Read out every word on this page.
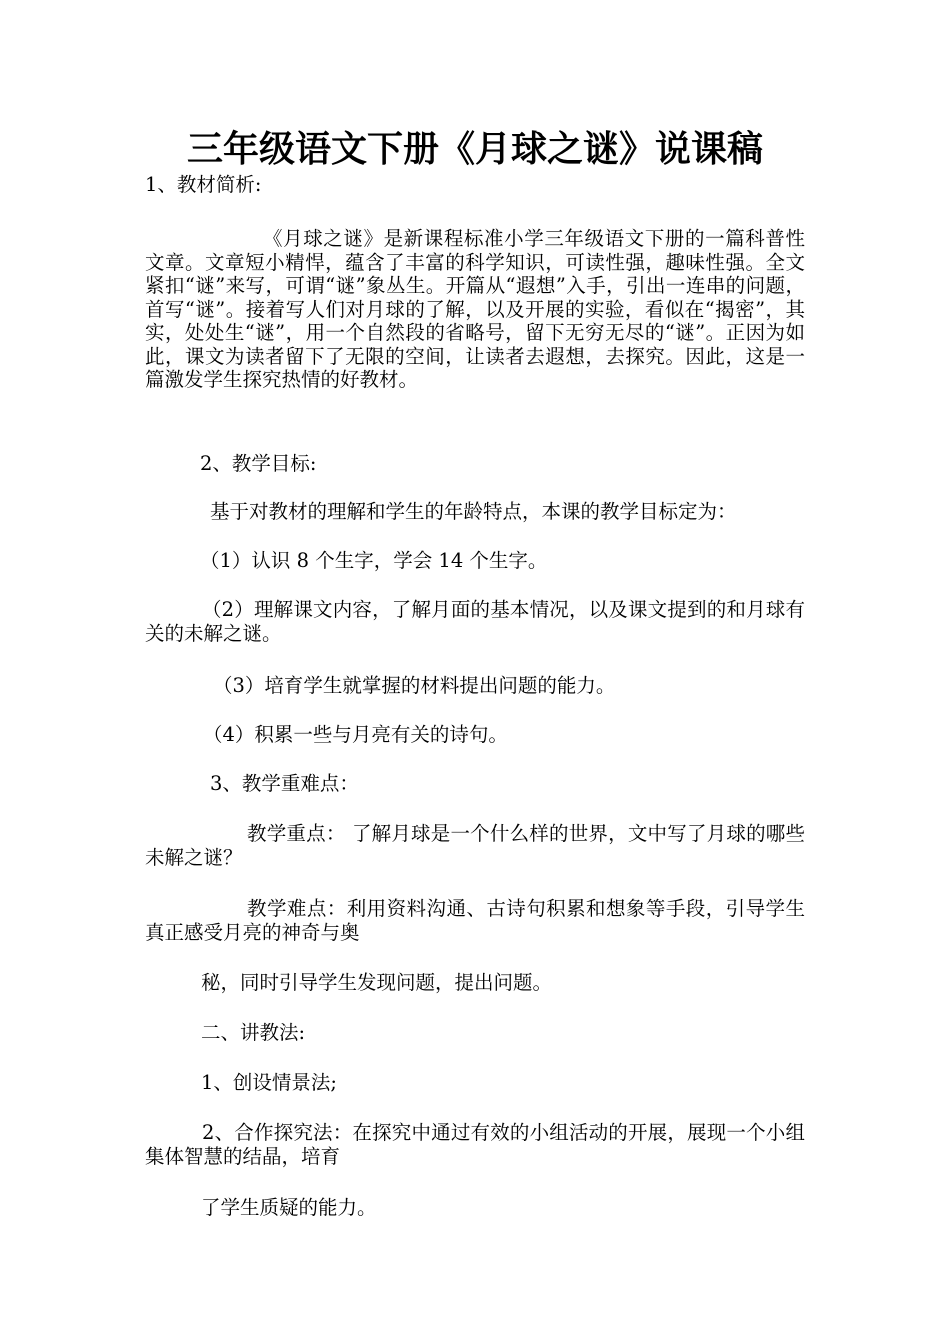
三年级语文下册《月球之谜》说课稿

1、教材简析:

《月球之谜》是新课程标准小学三年级语文下册的一篇科普性文章。文章短小精悍，蕴含了丰富的科学知识，可读性强，趣味性强。全文紧扣“谜”来写，可谓“谜”象丛生。开篇从“遐想”入手，引出一连串的问题，首写“谜”。接着写人们对月球的了解，以及开展的实验，看似在“揭密”，其实，处处生“谜”，用一个自然段的省略号，留下无穷无尽的“谜”。正因为如此，课文为读者留下了无限的空间，让读者去遐想，去探究。因此，这是一篇激发学生探究热情的好教材。

2、教学目标:

基于对教材的理解和学生的年龄特点，本课的教学目标定为：

（1）认识 8 个生字，学会 14 个生字。

（2）理解课文内容，了解月面的基本情况，以及课文提到的和月球有关的未解之谜。

（3）培育学生就掌握的材料提出问题的能力。

（4）积累一些与月亮有关的诗句。

3、教学重难点：

教学重点： 了解月球是一个什么样的世界，文中写了月球的哪些未解之谜？

教学难点：利用资料沟通、古诗句积累和想象等手段，引导学生真正感受月亮的神奇与奥

秘，同时引导学生发现问题，提出问题。

二、讲教法:

1、创设情景法;

2、合作探究法：在探究中通过有效的小组活动的开展，展现一个小组集体智慧的结晶，培育

了学生质疑的能力。
